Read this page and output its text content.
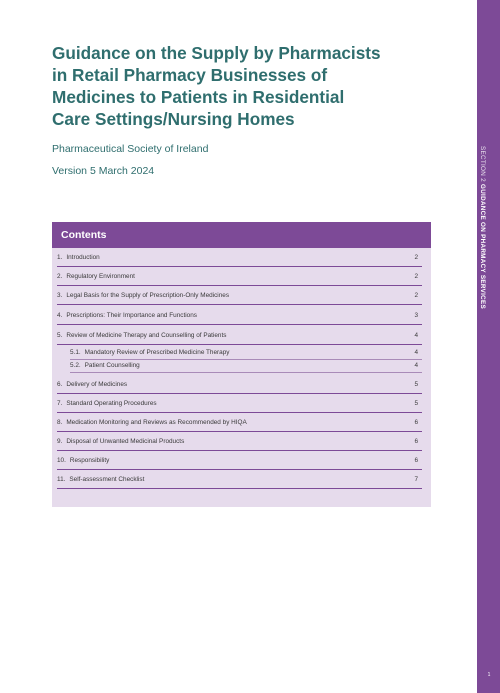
SECTION 2 GUIDANCE ON PHARMACY SERVICES
1
Guidance on the Supply by Pharmacists
in Retail Pharmacy Businesses of
Medicines to Patients in Residential
Care Settings/Nursing Homes

Pharmaceutical Society of Ireland

Version 5 March 2024

Contents
1. Introduction	2
2. Regulatory Environment	2
3. Legal Basis for the Supply of Prescription-Only Medicines	2
4. Prescriptions: Their Importance and Functions	3
5. Review of Medicine Therapy and Counselling of Patients	4
5.1. Mandatory Review of Prescribed Medicine Therapy	4
5.2. Patient Counselling	4
6. Delivery of Medicines	5
7. Standard Operating Procedures	5
8. Medication Monitoring and Reviews as Recommended by HIQA	6
9. Disposal of Unwanted Medicinal Products	6
10. Responsibility	6
11. Self-assessment Checklist	7
